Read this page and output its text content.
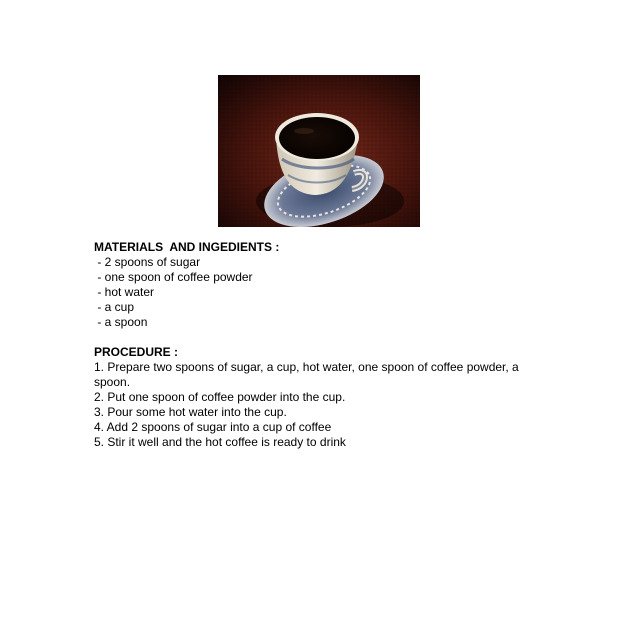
MATERIALS  AND INGEDIENTS :
- 2 spoons of sugar
- one spoon of coffee powder
- hot water
- a cup
- a spoon
PROCEDURE :
1. Prepare two spoons of sugar, a cup, hot water, one spoon of coffee powder, a spoon.
2. Put one spoon of coffee powder into the cup.
3. Pour some hot water into the cup.
4. Add 2 spoons of sugar into a cup of coffee
5. Stir it well and the hot coffee is ready to drink
